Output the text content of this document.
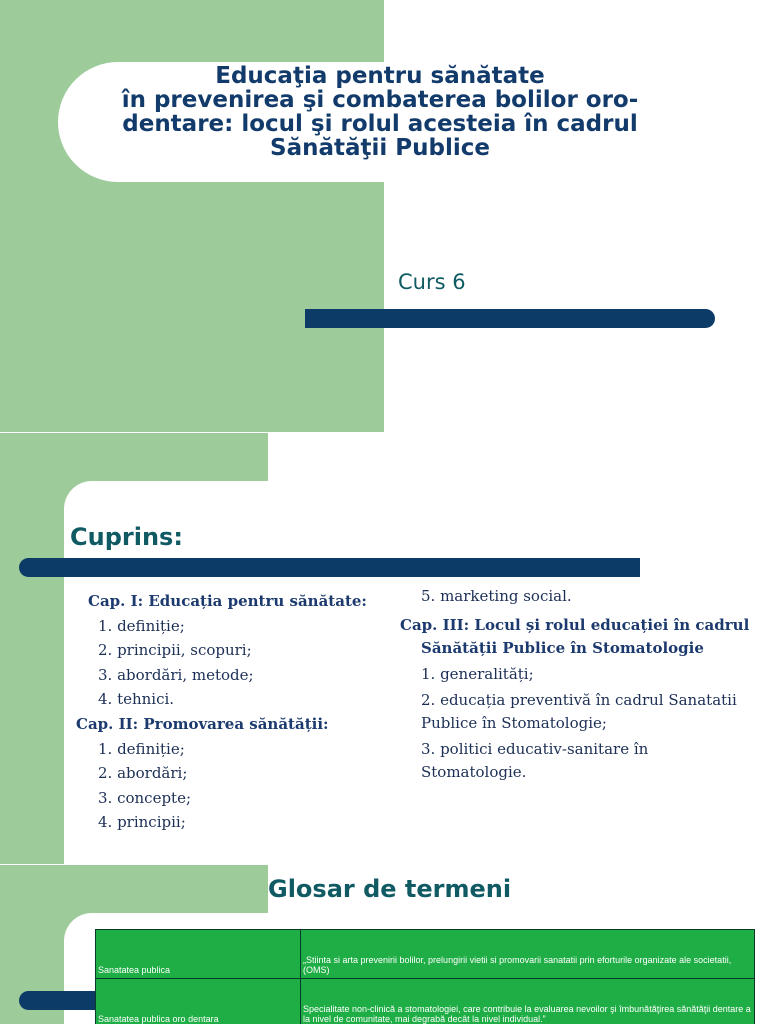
Educaţia pentru sănătate
în prevenirea şi combaterea bolilor oro-
dentare: locul şi rolul acesteia în cadrul
Sănătăţii Publice

Curs 6

Cuprins:
Cap. I: Educația pentru sănătate:
1. definiție;
2. principii, scopuri;
3. abordări, metode;
4. tehnici.
Cap. II: Promovarea sănătății:
1. definiție;
2. abordări;
3. concepte;
4. principii;
5. marketing social.
Cap. III: Locul și rolul educației în cadrul
Sănătății Publice în Stomatologie
1. generalități;
2. educația preventivă în cadrul Sanatatii Publice în Stomatologie;
3. politici educativ-sanitare în Stomatologie.
Glosar de termeni
Sanatatea publica	„Stiinta si arta prevenirii bolilor, prelungirii vietii si promovarii sanatatii prin eforturile organizate ale societatii, (OMS)
Sanatatea publica oro dentara	Specialitate non-clinică a stomatologiei, care contribuie la evaluarea nevoilor şi îmbunătăţirea sănătăţii dentare a la nivel de comunitate, mai degrabă decât la nivel individual.”
